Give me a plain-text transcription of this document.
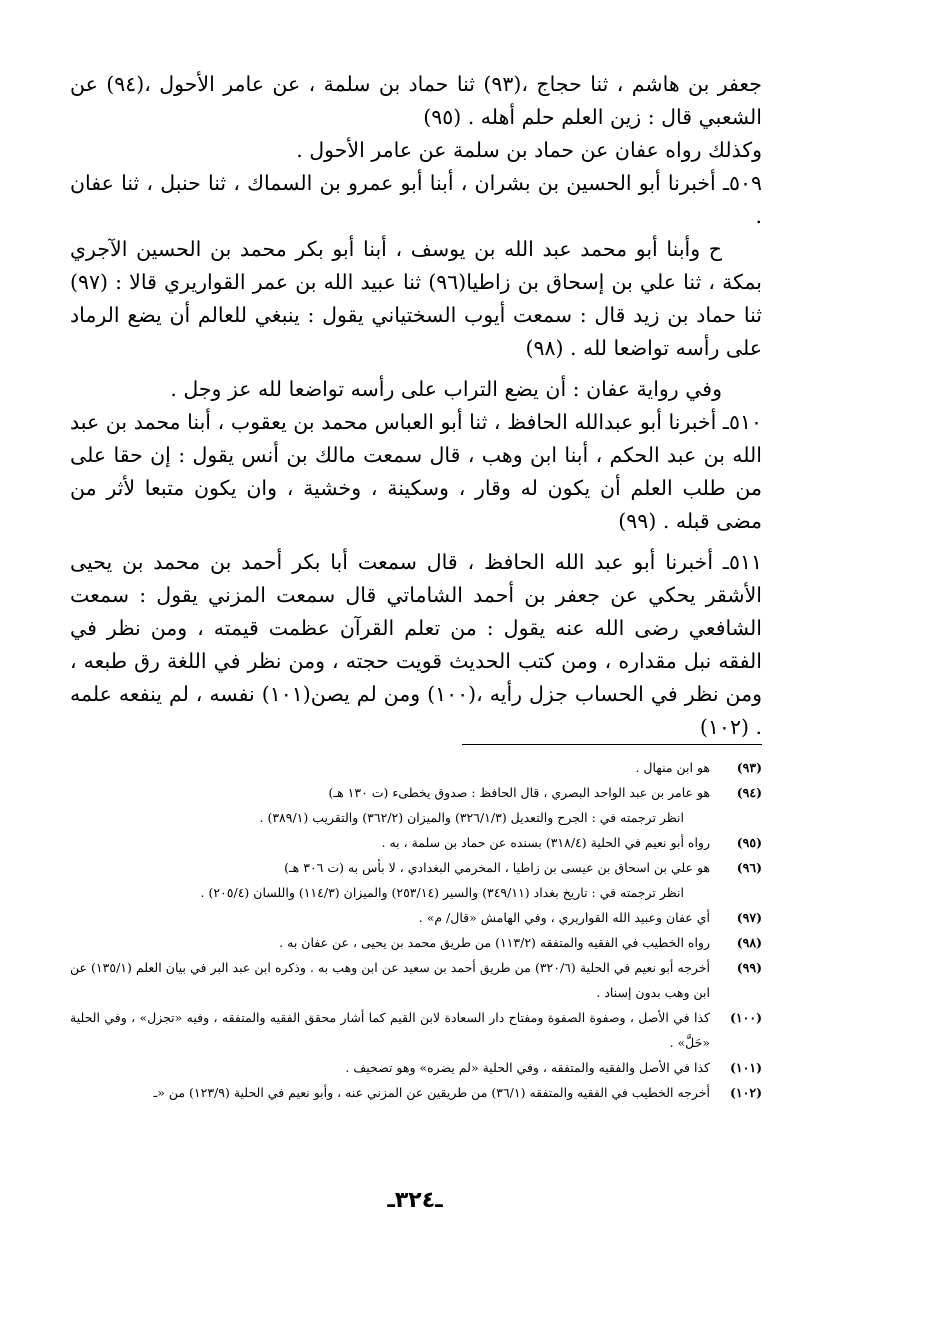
جعفر بن هاشم ، ثنا حجاج ،(٩٣) ثنا حماد بن سلمة ، عن عامر الأحول ،(٩٤) عن الشعبي قال : زين العلم حلم أهله . (٩٥)

وكذلك رواه عفان عن حماد بن سلمة عن عامر الأحول .

٥٠٩ـ أخبرنا أبو الحسين بن بشران ، أبنا أبو عمرو بن السماك ، ثنا حنبل ، ثنا عفان .

ح وأبنا أبو محمد عبد الله بن يوسف ، أبنا أبو بكر محمد بن الحسين الآجري بمكة ، ثنا علي بن إسحاق بن زاطيا(٩٦) ثنا عبيد الله بن عمر القواريري قالا : (٩٧) ثنا حماد بن زيد قال : سمعت أيوب السختياني يقول : ينبغي للعالم أن يضع الرماد على رأسه تواضعا لله . (٩٨)

وفي رواية عفان : أن يضع التراب على رأسه تواضعا لله عز وجل .

٥١٠ـ أخبرنا أبو عبدالله الحافظ ، ثنا أبو العباس محمد بن يعقوب ، أبنا محمد بن عبد الله بن عبد الحكم ، أبنا ابن وهب ، قال سمعت مالك بن أنس يقول : إن حقا على من طلب العلم أن يكون له وقار ، وسكينة ، وخشية ، وان يكون متبعا لأثر من مضى قبله . (٩٩)

٥١١ـ أخبرنا أبو عبد الله الحافظ ، قال سمعت أبا بكر أحمد بن محمد بن يحيى الأشقر يحكي عن جعفر بن أحمد الشاماتي قال سمعت المزني يقول : سمعت الشافعي رضى الله عنه يقول : من تعلم القرآن عظمت قيمته ، ومن نظر في الفقه نبل مقداره ، ومن كتب الحديث قويت حجته ، ومن نظر في اللغة رق طبعه ، ومن نظر في الحساب جزل رأيه ،(١٠٠) ومن لم يصن(١٠١) نفسه ، لم ينفعه علمه . (١٠٢)

(٩٣)
هو ابن منهال .
(٩٤)
هو عامر بن عبد الواحد البصري ، قال الحافظ : صدوق يخطىء (ت ١٣٠ هـ)
انظر ترجمته في : الجرح والتعديل (٣٢٦/١/٣) والميزان (٣٦٢/٢) والتقريب (٣٨٩/١) .
(٩٥)
رواه أبو نعيم في الحلية (٣١٨/٤) بسنده عن حماد بن سلمة ، به .
(٩٦)
هو علي بن اسحاق بن عيسى بن زاطيا ، المخرمي البغدادي ، لا بأس به (ت ٣٠٦ هـ)
انظر ترجمته في : تاريخ بغداد (٣٤٩/١١) والسير (٢٥٣/١٤) والميزان (١١٤/٣) واللسان (٢٠٥/٤) .
(٩٧)
أي عفان وعبيد الله القواريري ، وفي الهامش «قال/ م» .
(٩٨)
رواه الخطيب في الفقيه والمتفقه (١١٣/٢) من طريق محمد بن يحيى ، عن عفان به .
(٩٩)
أخرجه أبو نعيم في الحلية (٣٢٠/٦) من طريق أحمد بن سعيد عن ابن وهب به . وذكره ابن عبد البر في بيان العلم (١٣٥/١) عن ابن وهب بدون إسناد .
(١٠٠)
كذا في الأصل ، وصفوة الصفوة ومفتاح دار السعادة لابن القيم كما أشار محقق الفقيه والمتفقه ، وفيه «تجزل» ، وفي الحلية «حَلَّ» .
(١٠١)
كذا في الأصل والفقيه والمتفقه ، وفي الحلية «لم يضره» وهو تصحيف .
(١٠٢)
أخرجه الخطيب في الفقيه والمتفقه (٣٦/١) من طريقين عن المزني عنه ، وأبو نعيم في الحلية (١٢٣/٩) من «ـ
ـ٣٢٤ـ
